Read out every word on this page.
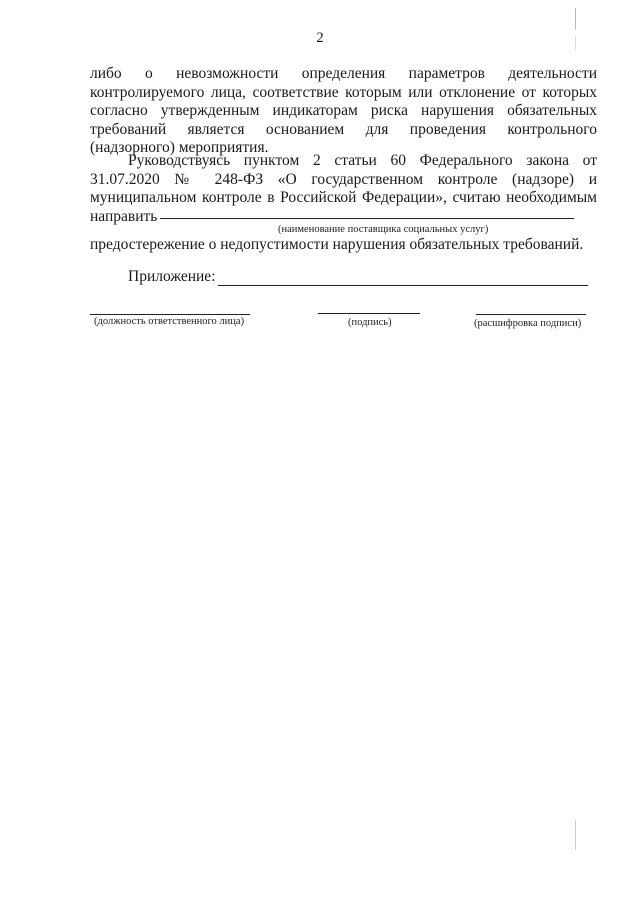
2
либо о невозможности определения параметров деятельности контролируемого лица, соответствие которым или отклонение от которых согласно утвержденным индикаторам риска нарушения обязательных требований является основанием для проведения контрольного (надзорного) мероприятия.
Руководствуясь пунктом 2 статьи 60 Федерального закона от 31.07.2020 № 248-ФЗ «О государственном контроле (надзоре) и муниципальном контроле в Российской Федерации», считаю необходимым направить
(наименование поставщика социальных услуг)
предостережение о недопустимости нарушения обязательных требований.
Приложение:
(должность ответственного лица)	(подпись)	(расшифровка подписи)
